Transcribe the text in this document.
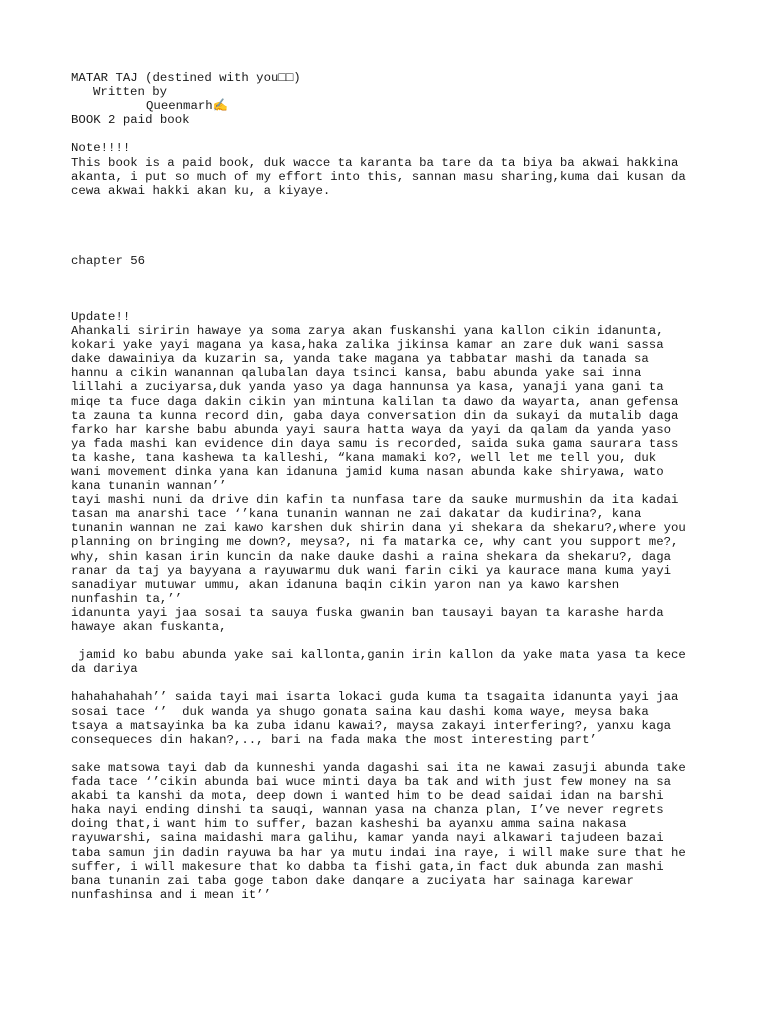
MATAR TAJ (destined with you□□)
Written by
Queenmarh✍️
BOOK 2 paid book
Note!!!!
This book is a paid book, duk wacce ta karanta ba tare da ta biya ba akwai hakkina
akanta, i put so much of my effort into this, sannan masu sharing,kuma dai kusan da
cewa akwai hakki akan ku, a kiyaye.
chapter 56
Update!!
Ahankali siririn hawaye ya soma zarya akan fuskanshi yana kallon cikin idanunta,
kokari yake yayi magana ya kasa,haka zalika jikinsa kamar an zare duk wani sassa
dake dawainiya da kuzarin sa, yanda take magana ya tabbatar mashi da tanada sa
hannu a cikin wanannan qalubalan daya tsinci kansa, babu abunda yake sai inna
lillahi a zuciyarsa,duk yanda yaso ya daga hannunsa ya kasa, yanaji yana gani ta
miqe ta fuce daga dakin cikin yan mintuna kalilan ta dawo da wayarta, anan gefensa
ta zauna ta kunna record din, gaba daya conversation din da sukayi da mutalib daga
farko har karshe babu abunda yayi saura hatta waya da yayi da qalam da yanda yaso
ya fada mashi kan evidence din daya samu is recorded, saida suka gama saurara tass
ta kashe, tana kashewa ta kalleshi, “kana mamaki ko?, well let me tell you, duk
wani movement dinka yana kan idanuna jamid kuma nasan abunda kake shiryawa, wato
kana tunanin wannan’’
tayi mashi nuni da drive din kafin ta nunfasa tare da sauke murmushin da ita kadai
tasan ma anarshi tace ‘’kana tunanin wannan ne zai dakatar da kudirina?, kana
tunanin wannan ne zai kawo karshen duk shirin dana yi shekara da shekaru?,where you
planning on bringing me down?, meysa?, ni fa matarka ce, why cant you support me?,
why, shin kasan irin kuncin da nake dauke dashi a raina shekara da shekaru?, daga
ranar da taj ya bayyana a rayuwarmu duk wani farin ciki ya kaurace mana kuma yayi
sanadiyar mutuwar ummu, akan idanuna baqin cikin yaron nan ya kawo karshen
nunfashin ta,’’
idanunta yayi jaa sosai ta sauya fuska gwanin ban tausayi bayan ta karashe harda
hawaye akan fuskanta,
jamid ko babu abunda yake sai kallonta,ganin irin kallon da yake mata yasa ta kece
da dariya
hahahahahah’’ saida tayi mai isarta lokaci guda kuma ta tsagaita idanunta yayi jaa
sosai tace ‘’  duk wanda ya shugo gonata saina kau dashi koma waye, meysa baka
tsaya a matsayinka ba ka zuba idanu kawai?, maysa zakayi interfering?, yanxu kaga
consequeces din hakan?,.., bari na fada maka the most interesting part’
sake matsowa tayi dab da kunneshi yanda dagashi sai ita ne kawai zasuji abunda take
fada tace ‘’cikin abunda bai wuce minti daya ba tak and with just few money na sa
akabi ta kanshi da mota, deep down i wanted him to be dead saidai idan na barshi
haka nayi ending dinshi ta sauqi, wannan yasa na chanza plan, I’ve never regrets
doing that,i want him to suffer, bazan kasheshi ba ayanxu amma saina nakasa
rayuwarshi, saina maidashi mara galihu, kamar yanda nayi alkawari tajudeen bazai
taba samun jin dadin rayuwa ba har ya mutu indai ina raye, i will make sure that he
suffer, i will makesure that ko dabba ta fishi gata,in fact duk abunda zan mashi
bana tunanin zai taba goge tabon dake danqare a zuciyata har sainaga karewar
nunfashinsa and i mean it’’
